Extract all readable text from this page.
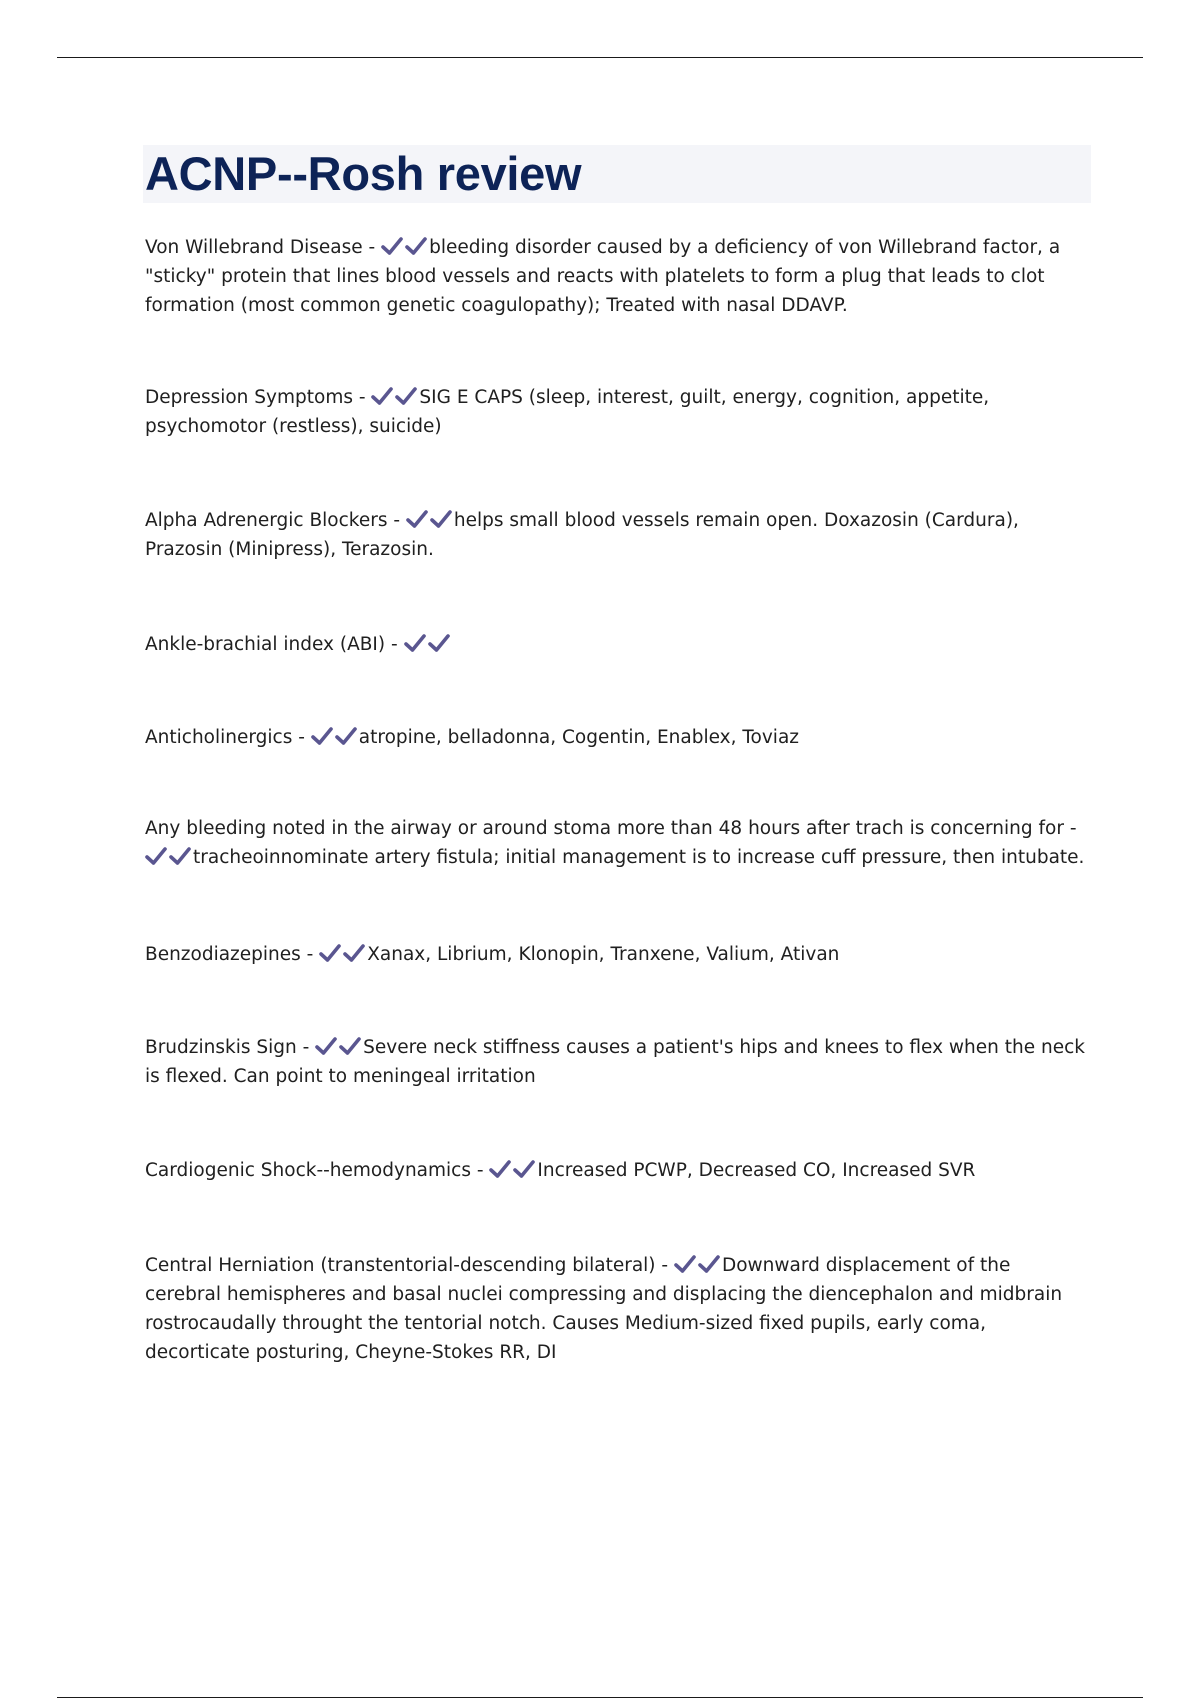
ACNP--Rosh review

Von Willebrand Disease -	bleeding disorder caused by a deficiency of von Willebrand factor, a "sticky" protein that lines blood vessels and reacts with platelets to form a plug that leads to clot formation (most common genetic coagulopathy); Treated with nasal DDAVP.

Depression Symptoms -	SIG E CAPS (sleep, interest, guilt, energy, cognition, appetite, psychomotor (restless), suicide)

Alpha Adrenergic Blockers -	helps small blood vessels remain open. Doxazosin (Cardura), Prazosin (Minipress), Terazosin.

Ankle-brachial index (ABI) -

Anticholinergics -	atropine, belladonna, Cogentin, Enablex, Toviaz

Any bleeding noted in the airway or around stoma more than 48 hours after trach is concerning for -
tracheoinnominate artery fistula; initial management is to increase cuff pressure, then intubate.

Benzodiazepines -	Xanax, Librium, Klonopin, Tranxene, Valium, Ativan

Brudzinskis Sign -	Severe neck stiffness causes a patient's hips and knees to flex when the neck is flexed. Can point to meningeal irritation

Cardiogenic Shock--hemodynamics -	Increased PCWP, Decreased CO, Increased SVR

Central Herniation (transtentorial-descending bilateral) -	Downward displacement of the cerebral hemispheres and basal nuclei compressing and displacing the diencephalon and midbrain rostrocaudally throught the tentorial notch. Causes Medium-sized fixed pupils, early coma, decorticate posturing, Cheyne-Stokes RR, DI
